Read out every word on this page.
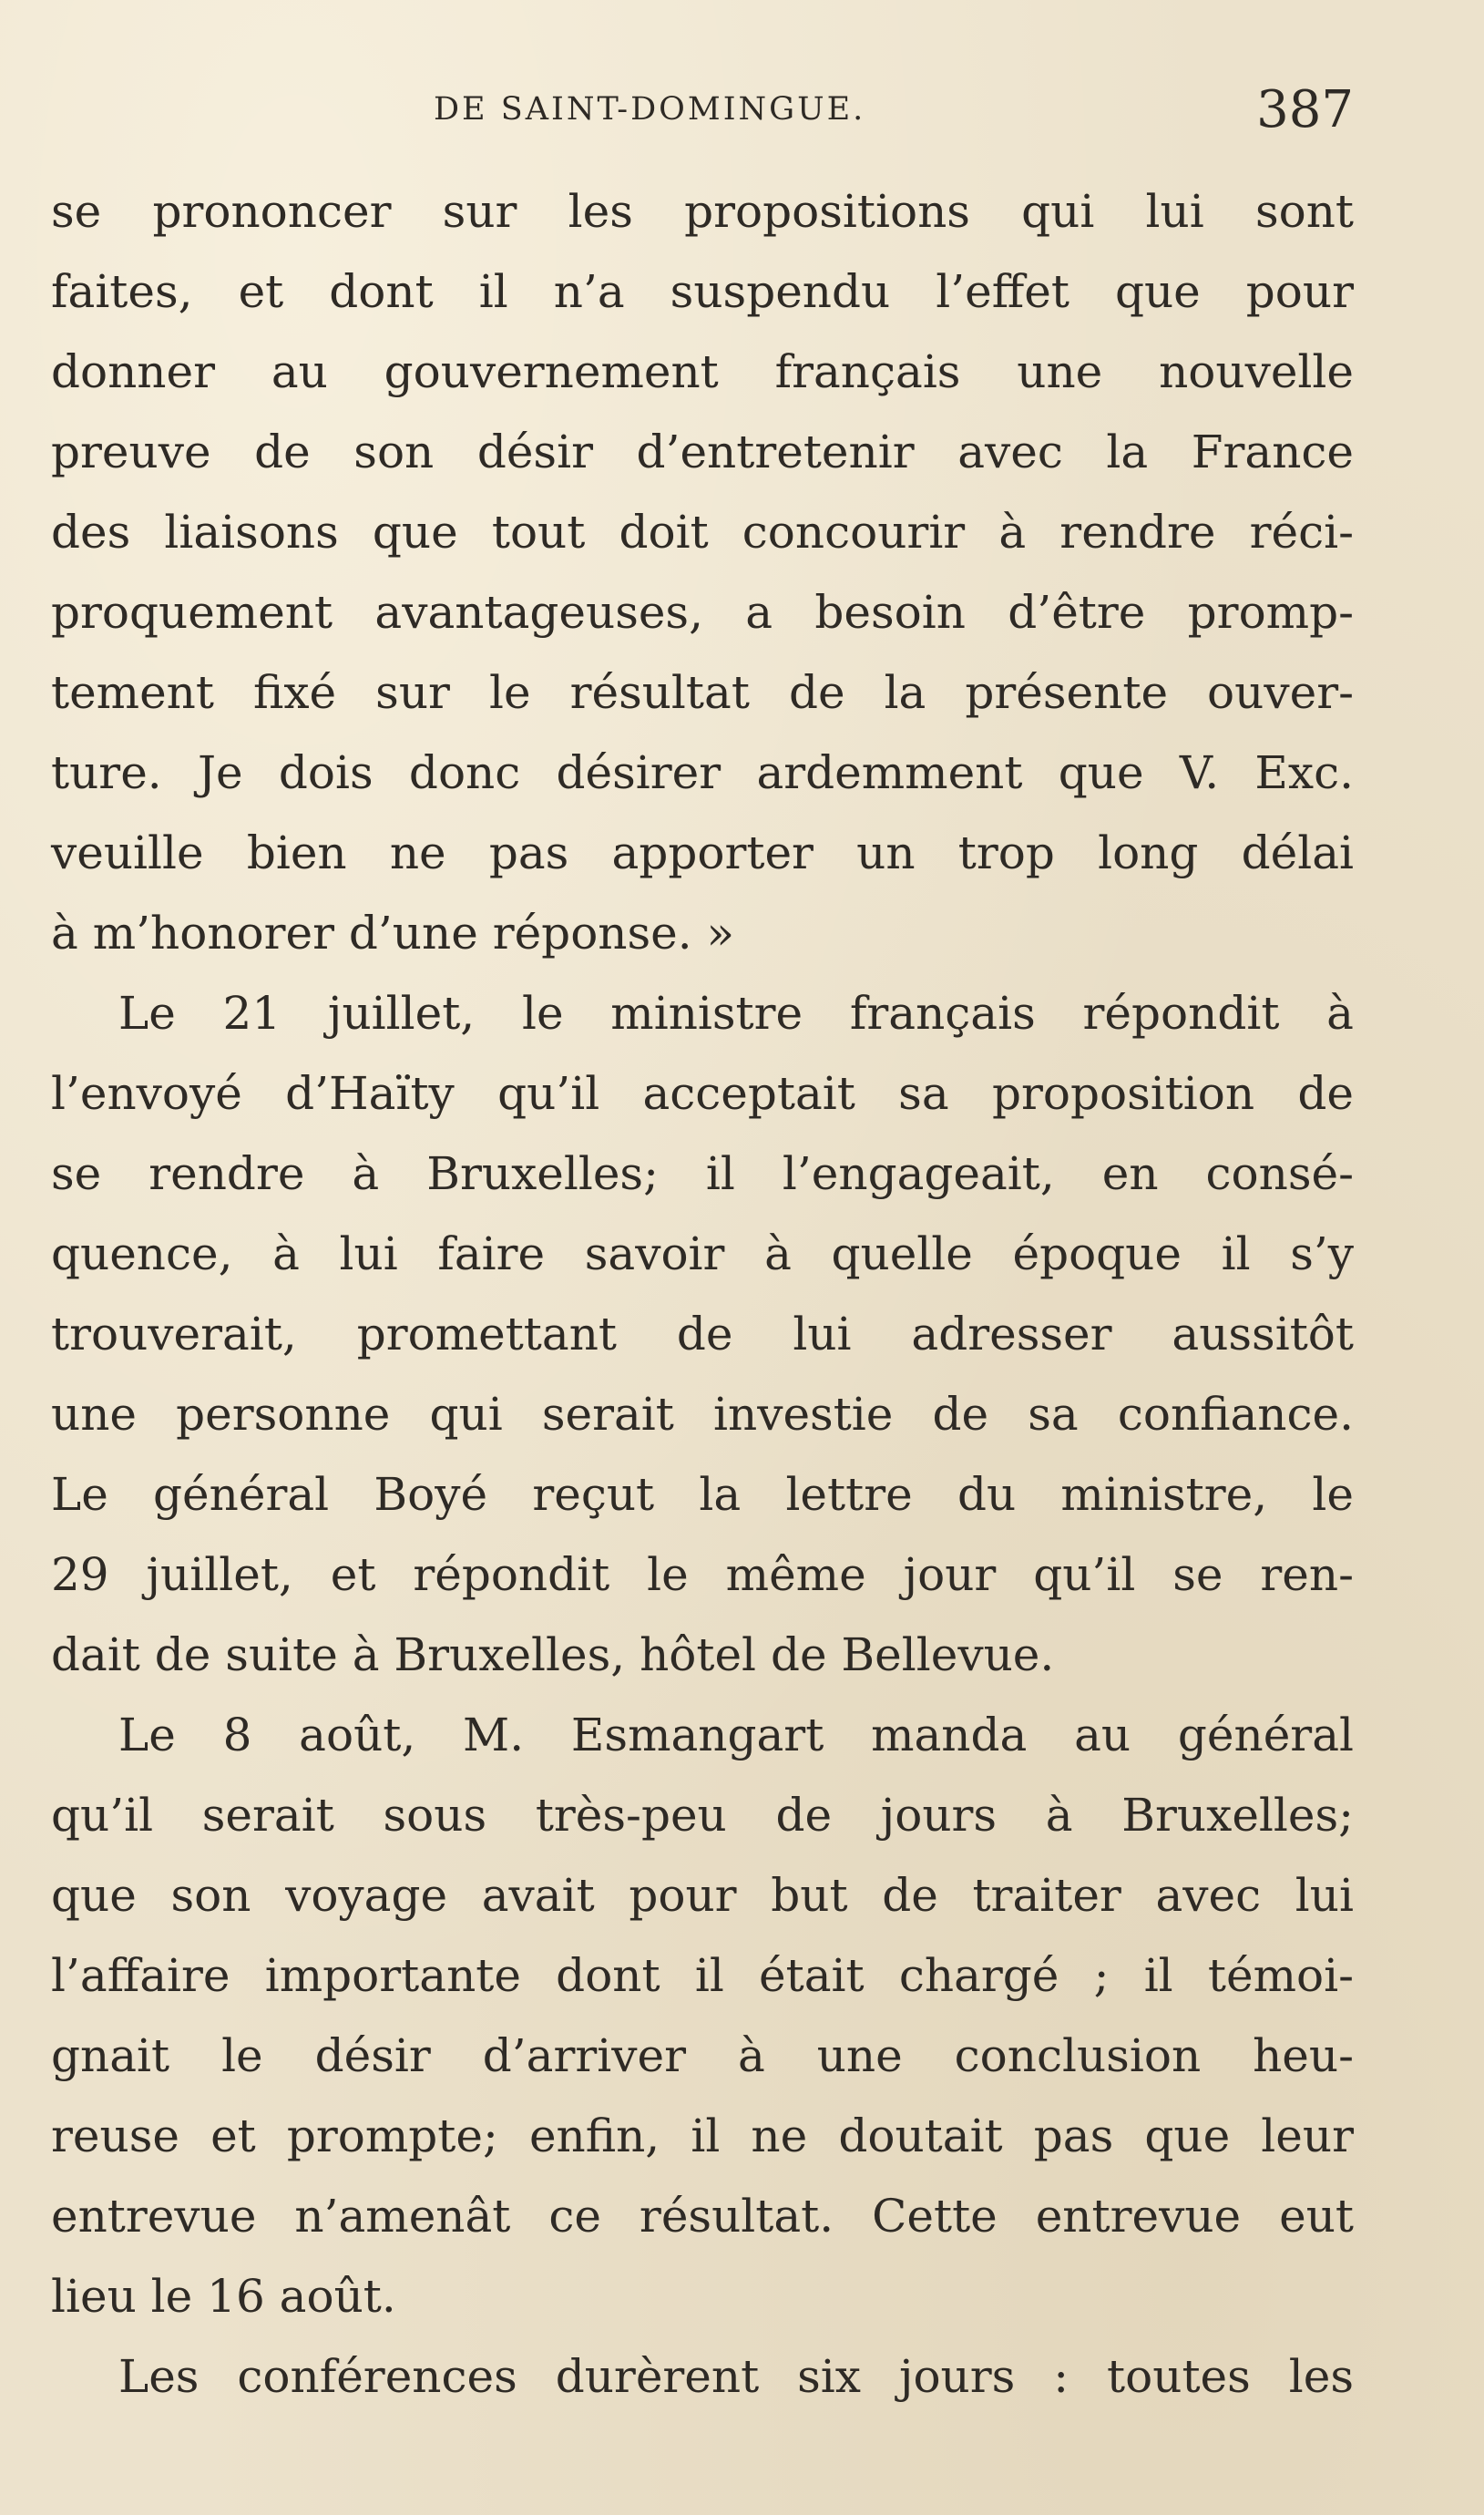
DE SAINT-DOMINGUE.	387
se prononcer sur les propositions qui lui sont
faites, et dont il n’a suspendu l’effet que pour
donner au gouvernement français une nouvelle
preuve de son désir d’entretenir avec la France
des liaisons que tout doit concourir à rendre réci-
proquement avantageuses, a besoin d’être promp-
tement fixé sur le résultat de la présente ouver-
ture. Je dois donc désirer ardemment que V. Exc.
veuille bien ne pas apporter un trop long délai
à m’honorer d’une réponse. »
Le 21 juillet, le ministre français répondit à
l’envoyé d’Haïty qu’il acceptait sa proposition de
se rendre à Bruxelles; il l’engageait, en consé-
quence, à lui faire savoir à quelle époque il s’y
trouverait, promettant de lui adresser aussitôt
une personne qui serait investie de sa confiance.
Le général Boyé reçut la lettre du ministre, le
29 juillet, et répondit le même jour qu’il se ren-
dait de suite à Bruxelles, hôtel de Bellevue.
Le 8 août, M. Esmangart manda au général
qu’il serait sous très-peu de jours à Bruxelles;
que son voyage avait pour but de traiter avec lui
l’affaire importante dont il était chargé ; il témoi-
gnait le désir d’arriver à une conclusion heu-
reuse et prompte; enfin, il ne doutait pas que leur
entrevue n’amenât ce résultat. Cette entrevue eut
lieu le 16 août.
Les conférences durèrent six jours : toutes les
